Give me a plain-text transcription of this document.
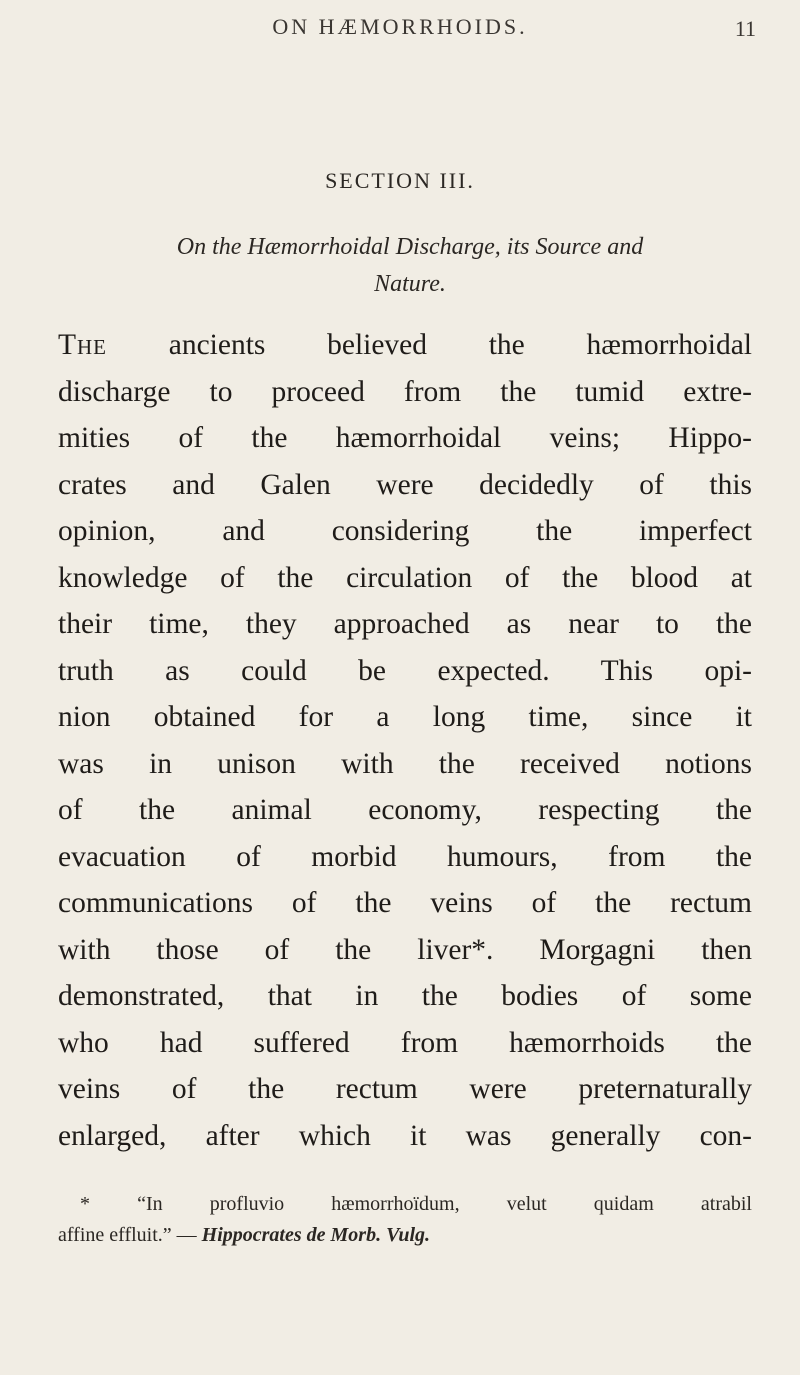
ON HÆMORRHOIDS.	11
SECTION III.
On the Hæmorrhoidal Discharge, its Source and
Nature.
The ancients believed the hæmorrhoidal
discharge to proceed from the tumid extre-
mities of the hæmorrhoidal veins; Hippo-
crates and Galen were decidedly of this
opinion, and considering the imperfect
knowledge of the circulation of the blood at
their time, they approached as near to the
truth as could be expected. This opi-
nion obtained for a long time, since it
was in unison with the received notions
of the animal economy, respecting the
evacuation of morbid humours, from the
communications of the veins of the rectum
with those of the liver*. Morgagni then
demonstrated, that in the bodies of some
who had suffered from hæmorrhoids the
veins of the rectum were preternaturally
enlarged, after which it was generally con-
* “In profluvio hæmorrhoïdum, velut quidam atrabil
affine effluit.” — Hippocrates de Morb. Vulg.
